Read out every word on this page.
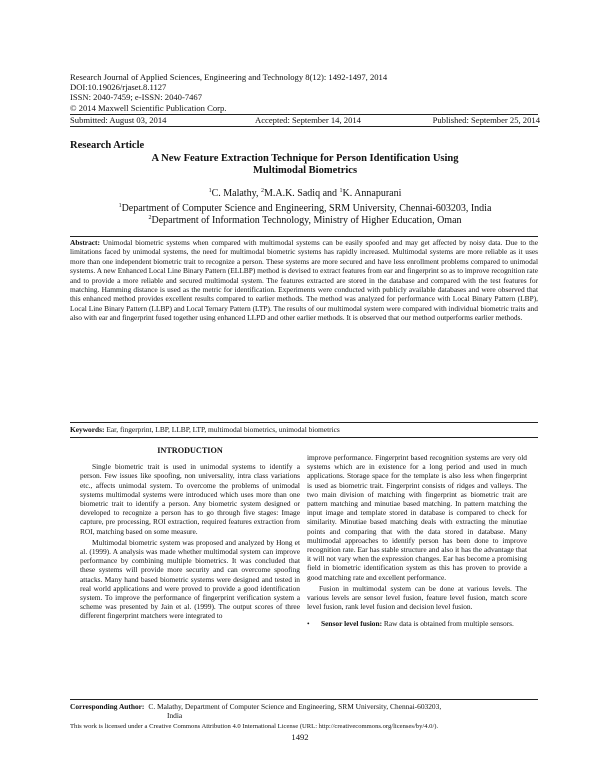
Research Journal of Applied Sciences, Engineering and Technology 8(12): 1492-1497, 2014
DOI:10.19026/rjaset.8.1127
ISSN: 2040-7459; e-ISSN: 2040-7467
© 2014 Maxwell Scientific Publication Corp.
Submitted: August 03, 2014	Accepted: September 14, 2014	Published: September 25, 2014
Research Article
A New Feature Extraction Technique for Person Identification Using
Multimodal Biometrics
$^1$C. Malathy, $^2$M.A.K. Sadiq and $^1$K. Annapurani
$^1$Department of Computer Science and Engineering, SRM University, Chennai-603203, India
$^2$Department of Information Technology, Ministry of Higher Education, Oman
Abstract: Unimodal biometric systems when compared with multimodal systems can be easily spoofed and may get affected by noisy data. Due to the limitations faced by unimodal systems, the need for multimodal biometric systems has rapidly increased. Multimodal systems are more reliable as it uses more than one independent biometric trait to recognize a person. These systems are more secured and have less enrollment problems compared to unimodal systems. A new Enhanced Local Line Binary Pattern (ELLBP) method is devised to extract features from ear and fingerprint so as to improve recognition rate and to provide a more reliable and secured multimodal system. The features extracted are stored in the database and compared with the test features for matching. Hamming distance is used as the metric for identification. Experiments were conducted with publicly available databases and were observed that this enhanced method provides excellent results compared to earlier methods. The method was analyzed for performance with Local Binary Pattern (LBP), Local Line Binary Pattern (LLBP) and Local Ternary Pattern (LTP). The results of our multimodal system were compared with individual biometric traits and also with ear and fingerprint fused together using enhanced LLPD and other earlier methods. It is observed that our method outperforms earlier methods.
Keywords: Ear, fingerprint, LBP, LLBP, LTP, multimodal biometrics, unimodal biometrics
INTRODUCTION

Single biometric trait is used in unimodal systems to identify a person. Few issues like spoofing, non universality, intra class variations etc., affects unimodal system. To overcome the problems of unimodal systems multimodal systems were introduced which uses more than one biometric trait to identify a person. Any biometric system designed or developed to recognize a person has to go through five stages: Image capture, pre processing, ROI extraction, required features extraction from ROI, matching based on some measure.

Multimodal biometric system was proposed and analyzed by Hong et al. (1999). A analysis was made whether multimodal system can improve performance by combining multiple biometrics. It was concluded that these systems will provide more security and can overcome spoofing attacks. Many hand based biometric systems were designed and tested in real world applications and were proved to provide a good identification system. To improve the performance of fingerprint verification system a scheme was presented by Jain et al. (1999). The output scores of three different fingerprint matchers were integrated to

improve performance. Fingerprint based recognition systems are very old systems which are in existence for a long period and used in much applications. Storage space for the template is also less when fingerprint is used as biometric trait. Fingerprint consists of ridges and valleys. The two main division of matching with fingerprint as biometric trait are pattern matching and minutiae based matching. In pattern matching the input image and template stored in database is compared to check for similarity. Minutiae based matching deals with extracting the minutiae points and comparing that with the data stored in database. Many multimodal approaches to identify person has been done to improve recognition rate. Ear has stable structure and also it has the advantage that it will not vary when the expression changes. Ear has become a promising field in biometric identification system as this has proven to provide a good matching rate and excellent performance.

Fusion in multimodal system can be done at various levels. The various levels are sensor level fusion, feature level fusion, match score level fusion, rank level fusion and decision level fusion.

•	Sensor level fusion: Raw data is obtained from multiple sensors.
Corresponding Author: C. Malathy, Department of Computer Science and Engineering, SRM University, Chennai-603203,
India
This work is licensed under a Creative Commons Attribution 4.0 International License (URL: http://creativecommons.org/licenses/by/4.0/).
1492
